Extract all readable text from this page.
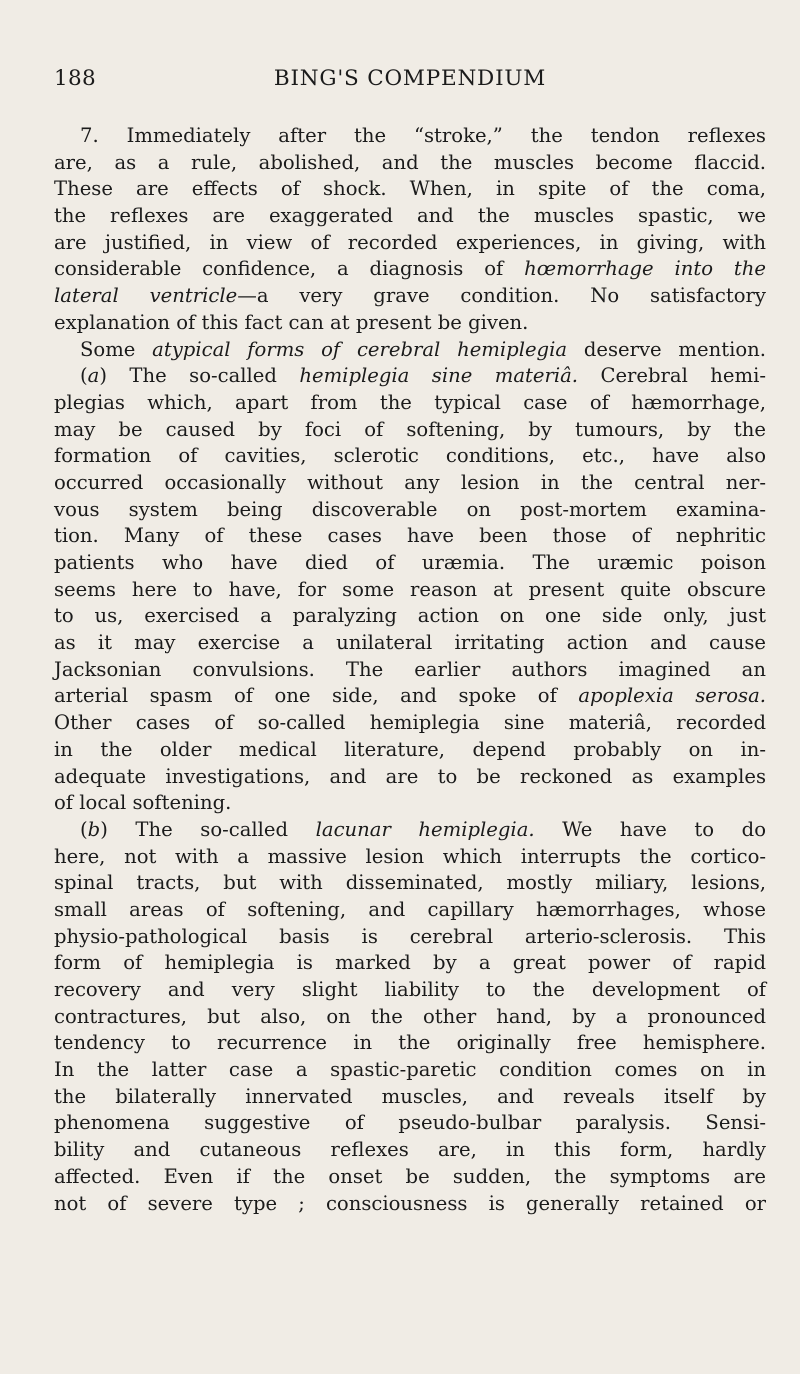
188	BING'S COMPENDIUM
7. Immediately after the “stroke,” the tendon reflexes
are, as a rule, abolished, and the muscles become flaccid.
These are effects of shock. When, in spite of the coma,
the reflexes are exaggerated and the muscles spastic, we
are justified, in view of recorded experiences, in giving, with
considerable confidence, a diagnosis of hœmorrhage into the
lateral ventricle—a very grave condition. No satisfactory
explanation of this fact can at present be given.
Some atypical forms of cerebral hemiplegia deserve mention.
(a) The so-called hemiplegia sine materiâ. Cerebral hemi-
plegias which, apart from the typical case of hæmorrhage,
may be caused by foci of softening, by tumours, by the
formation of cavities, sclerotic conditions, etc., have also
occurred occasionally without any lesion in the central ner-
vous system being discoverable on post-mortem examina-
tion. Many of these cases have been those of nephritic
patients who have died of uræmia. The uræmic poison
seems here to have, for some reason at present quite obscure
to us, exercised a paralyzing action on one side only, just
as it may exercise a unilateral irritating action and cause
Jacksonian convulsions. The earlier authors imagined an
arterial spasm of one side, and spoke of apoplexia serosa.
Other cases of so-called hemiplegia sine materiâ, recorded
in the older medical literature, depend probably on in-
adequate investigations, and are to be reckoned as examples
of local softening.
(b) The so-called lacunar hemiplegia. We have to do
here, not with a massive lesion which interrupts the cortico-
spinal tracts, but with disseminated, mostly miliary, lesions,
small areas of softening, and capillary hæmorrhages, whose
physio-pathological basis is cerebral arterio-sclerosis. This
form of hemiplegia is marked by a great power of rapid
recovery and very slight liability to the development of
contractures, but also, on the other hand, by a pronounced
tendency to recurrence in the originally free hemisphere.
In the latter case a spastic-paretic condition comes on in
the bilaterally innervated muscles, and reveals itself by
phenomena suggestive of pseudo-bulbar paralysis. Sensi-
bility and cutaneous reflexes are, in this form, hardly
affected. Even if the onset be sudden, the symptoms are
not of severe type ; consciousness is generally retained or
